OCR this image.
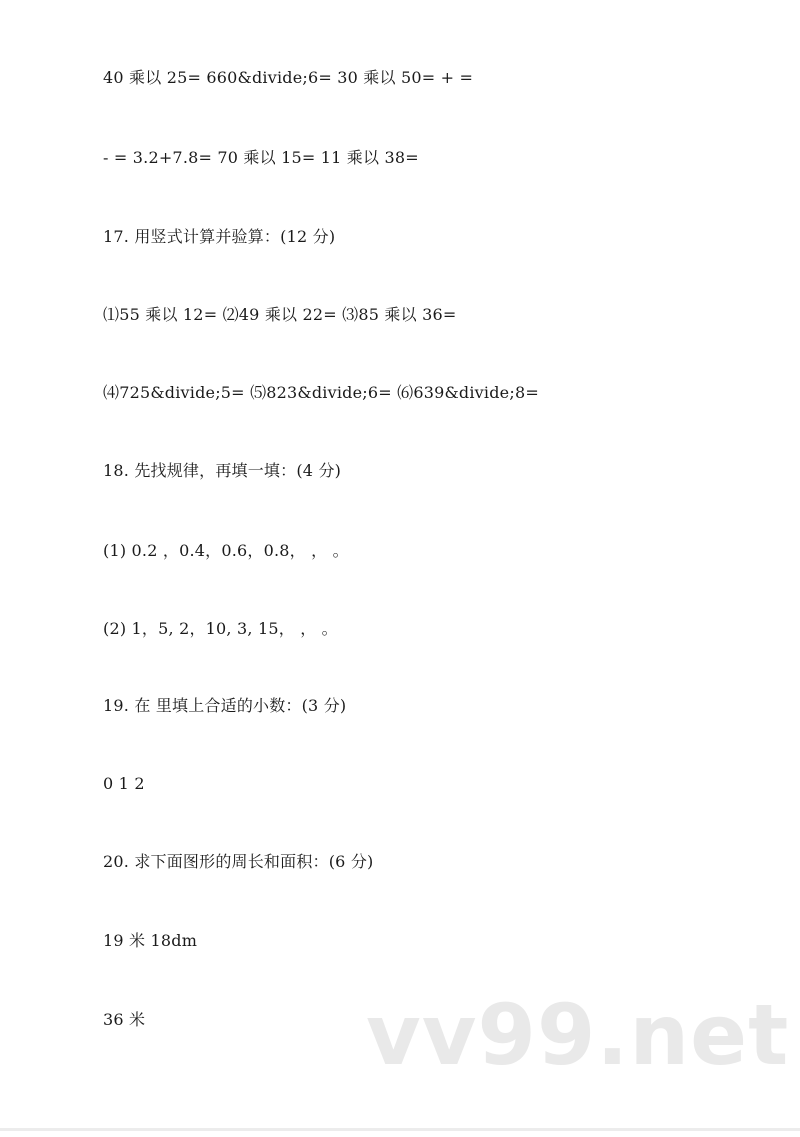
40 乘以 25= 660&divide;6= 30 乘以 50= + =
- = 3.2+7.8= 70 乘以 15= 11 乘以 38=
17. 用竖式计算并验算：(12 分)
⑴55 乘以 12= ⑵49 乘以 22= ⑶85 乘以 36=
⑷725&divide;5= ⑸823&divide;6= ⑹639&divide;8=
18. 先找规律，再填一填：(4 分)
(1) 0.2 ，0.4，0.6，0.8， ， 。
(2) 1，5, 2，10, 3, 15， ， 。
19. 在 里填上合适的小数：(3 分)
0 1 2
20. 求下面图形的周长和面积：(6 分)
19 米 18dm
36 米	vv99.net
